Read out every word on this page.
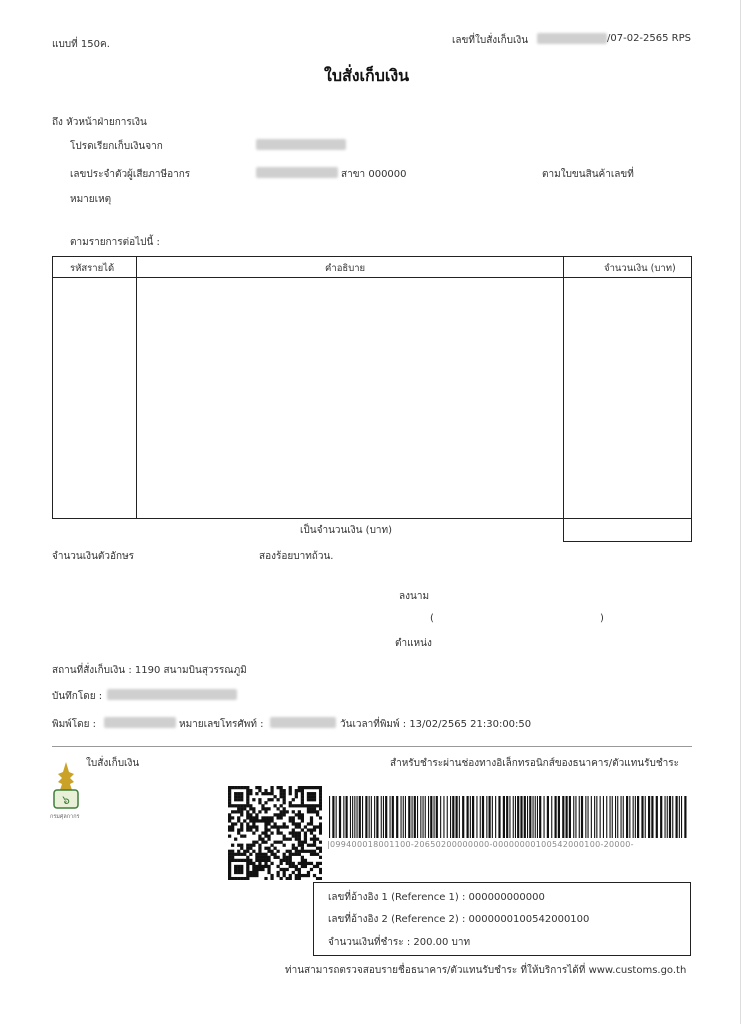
แบบที่ 150ค.	เลขที่ใบสั่งเก็บเงิน	/07-02-2565 RPS
ใบสั่งเก็บเงิน
ถึง หัวหน้าฝ่ายการเงิน
โปรดเรียกเก็บเงินจาก
เลขประจำตัวผู้เสียภาษีอากร	สาขา 000000	ตามใบขนสินค้าเลขที่
หมายเหตุ
ตามรายการต่อไปนี้ :
รหัสรายได้	คำอธิบาย	จำนวนเงิน (บาท)
เป็นจำนวนเงิน (บาท)
จำนวนเงินตัวอักษร	สองร้อยบาทถ้วน.
ลงนาม
(	)
ตำแหน่ง
สถานที่สั่งเก็บเงิน : 1190 สนามบินสุวรรณภูมิ
บันทึกโดย :
พิมพ์โดย :	หมายเลขโทรศัพท์ :	วันเวลาที่พิมพ์ : 13/02/2565 21:30:00:50
ใบสั่งเก็บเงิน	สำหรับชำระผ่านช่องทางอิเล็กทรอนิกส์ของธนาคาร/ตัวแทนรับชำระ
๖
กรมศุลกากร
|099400018001100-20650200000000-00000000100542000100-20000-
เลขที่อ้างอิง 1 (Reference 1) : 000000000000
เลขที่อ้างอิง 2 (Reference 2) : 0000000100542000100
จำนวนเงินที่ชำระ : 200.00 บาท
ท่านสามารถตรวจสอบรายชื่อธนาคาร/ตัวแทนรับชำระ ที่ให้บริการได้ที่ www.customs.go.th
